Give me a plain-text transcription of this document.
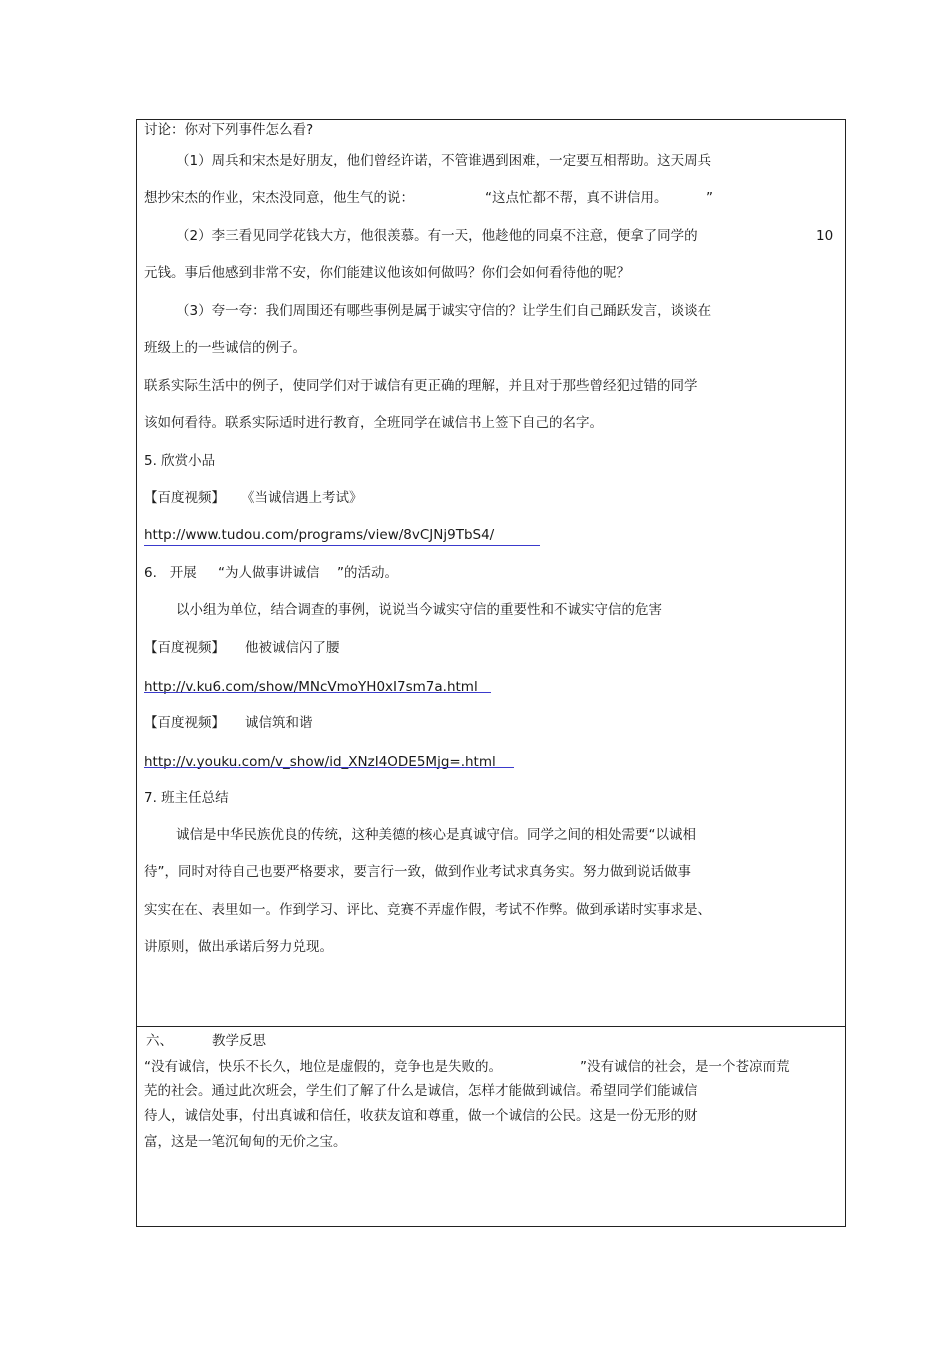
讨论：你对下列事件怎么看?
（1）周兵和宋杰是好朋友，他们曾经许诺，不管谁遇到困难，一定要互相帮助。这天周兵
想抄宋杰的作业，宋杰没同意，他生气的说：	“这点忙都不帮，真不讲信用。	”
（2）李三看见同学花钱大方，他很羡慕。有一天，他趁他的同桌不注意，便拿了同学的	10
元钱。事后他感到非常不安，你们能建议他该如何做吗？你们会如何看待他的呢？
（3）夸一夸：我们周围还有哪些事例是属于诚实守信的？让学生们自己踊跃发言，谈谈在
班级上的一些诚信的例子。
联系实际生活中的例子，使同学们对于诚信有更正确的理解，并且对于那些曾经犯过错的同学
该如何看待。联系实际适时进行教育，全班同学在诚信书上签下自己的名字。
5. 欣赏小品
【百度视频】 《当诚信遇上考试》
http://www.tudou.com/programs/view/8vCJNj9TbS4/
6.   开展 “为人做事讲诚信 ”的活动。
以小组为单位，结合调查的事例，说说当今诚实守信的重要性和不诚实守信的危害
【百度视频】 他被诚信闪了腰
http://v.ku6.com/show/MNcVmoYH0xI7sm7a.html
【百度视频】 诚信筑和谐
http://v.youku.com/v_show/id_XNzI4ODE5Mjg=.html
7. 班主任总结
诚信是中华民族优良的传统，这种美德的核心是真诚守信。同学之间的相处需要“以诚相
待”，同时对待自己也要严格要求，要言行一致，做到作业考试求真务实。努力做到说话做事
实实在在、表里如一。作到学习、评比、竞赛不弄虚作假，考试不作弊。做到承诺时实事求是、
讲原则，做出承诺后努力兑现。
六、	教学反思
“没有诚信，快乐不长久，地位是虚假的，竞争也是失败的。	”没有诚信的社会，是一个苍凉而荒
芜的社会。通过此次班会，学生们了解了什么是诚信，怎样才能做到诚信。希望同学们能诚信
待人，诚信处事，付出真诚和信任，收获友谊和尊重，做一个诚信的公民。这是一份无形的财
富，这是一笔沉甸甸的无价之宝。
